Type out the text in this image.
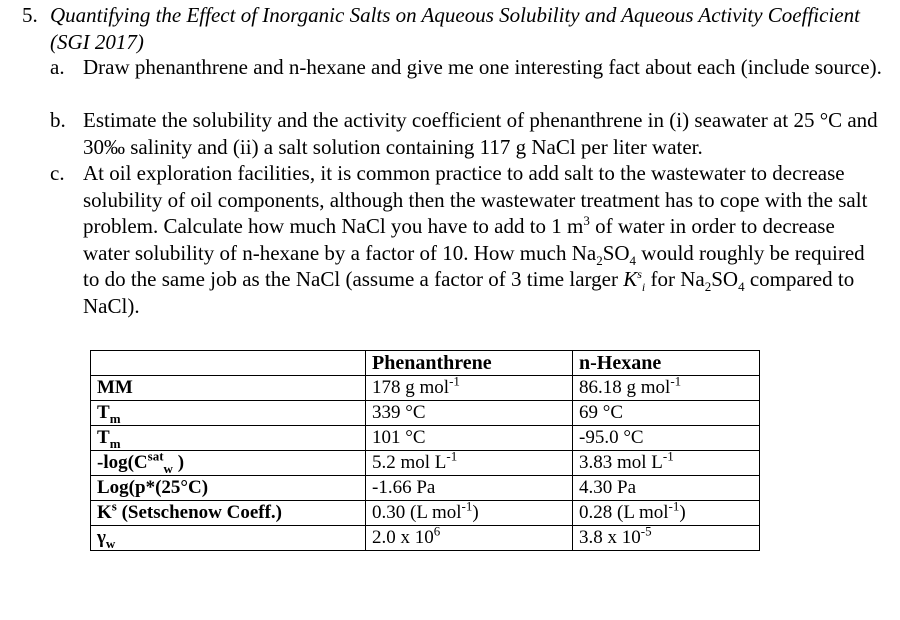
5. Quantifying the Effect of Inorganic Salts on Aqueous Solubility and Aqueous Activity Coefficient (SGI 2017)
a. Draw phenanthrene and n-hexane and give me one interesting fact about each (include source).
b. Estimate the solubility and the activity coefficient of phenanthrene in (i) seawater at 25 °C and 30‰ salinity and (ii) a salt solution containing 117 g NaCl per liter water.
c. At oil exploration facilities, it is common practice to add salt to the wastewater to decrease solubility of oil components, although then the wastewater treatment has to cope with the salt problem. Calculate how much NaCl you have to add to 1 $m^3$ of water in order to decrease water solubility of n-hexane by a factor of 10. How much $Na_2SO_4$ would roughly be required to do the same job as the NaCl (assume a factor of 3 time larger $K^s_i$ for $Na_2SO_4$ compared to NaCl).
	Phenanthrene	n-Hexane
MM	178 g mol$^{-1}$	86.18 g mol$^{-1}$
$T_m$	339 °C	69 °C
$T_m$	101 °C	-95.0 °C
$-\log(C^{sat}_w$ )	5.2 mol $L^{-1}$	3.83 mol $L^{-1}$
Log(p*(25°C)	-1.66 Pa	4.30 Pa
$K^s$ (Setschenow Coeff.)	0.30 (L mol$^{-1}$)	0.28 (L mol$^{-1}$)
$\gamma_w$	2.0 x $10^6$	3.8 x $10^{-5}$
